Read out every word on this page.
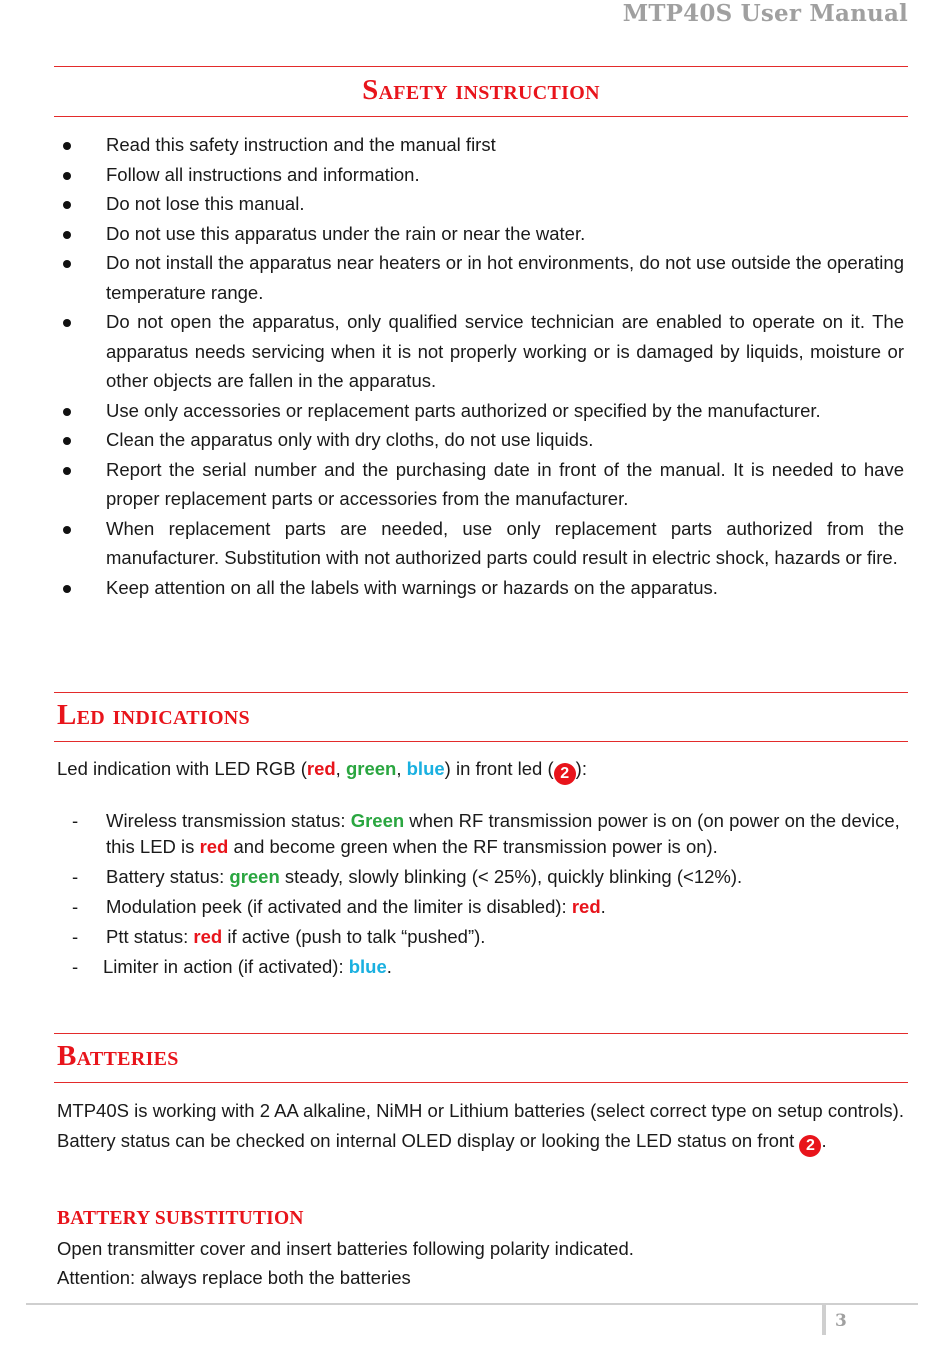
MTP40S User Manual
Safety instruction
Read this safety instruction and the manual first
Follow all instructions and information.
Do not lose this manual.
Do not use this apparatus under the rain or near the water.
Do not install the apparatus near heaters or in hot environments, do not use outside the operating temperature range.
Do not open the apparatus, only qualified service technician are enabled to operate on it. The apparatus needs servicing when it is not properly working or is damaged by liquids, moisture or other objects are fallen in the apparatus.
Use only accessories or replacement parts authorized or specified by the manufacturer.
Clean the apparatus only with dry cloths, do not use liquids.
Report the serial number and the purchasing date in front of the manual. It is needed to have proper replacement parts or accessories from the manufacturer.
When replacement parts are needed, use only replacement parts authorized from the manufacturer. Substitution with not authorized parts could result in electric shock, hazards or fire.
Keep attention on all the labels with warnings or hazards on the apparatus.
Led indications
Led indication with LED RGB (red, green, blue) in front led ( 2 ):
- Wireless transmission status: Green when RF transmission power is on (on power on the device, this LED is red and become green when the RF transmission power is on).
- Battery status: green steady, slowly blinking (< 25%), quickly blinking (<12%).
- Modulation peek (if activated and the limiter is disabled): red.
- Ptt status: red if active (push to talk “pushed”).
- Limiter in action (if activated): blue.
Batteries
MTP40S is working with 2 AA alkaline, NiMH or Lithium batteries (select correct type on setup controls). Battery status can be checked on internal OLED display or looking the LED status on front 2 .
BATTERY SUBSTITUTION
Open transmitter cover and insert batteries following polarity indicated.
Attention: always replace both the batteries
3
